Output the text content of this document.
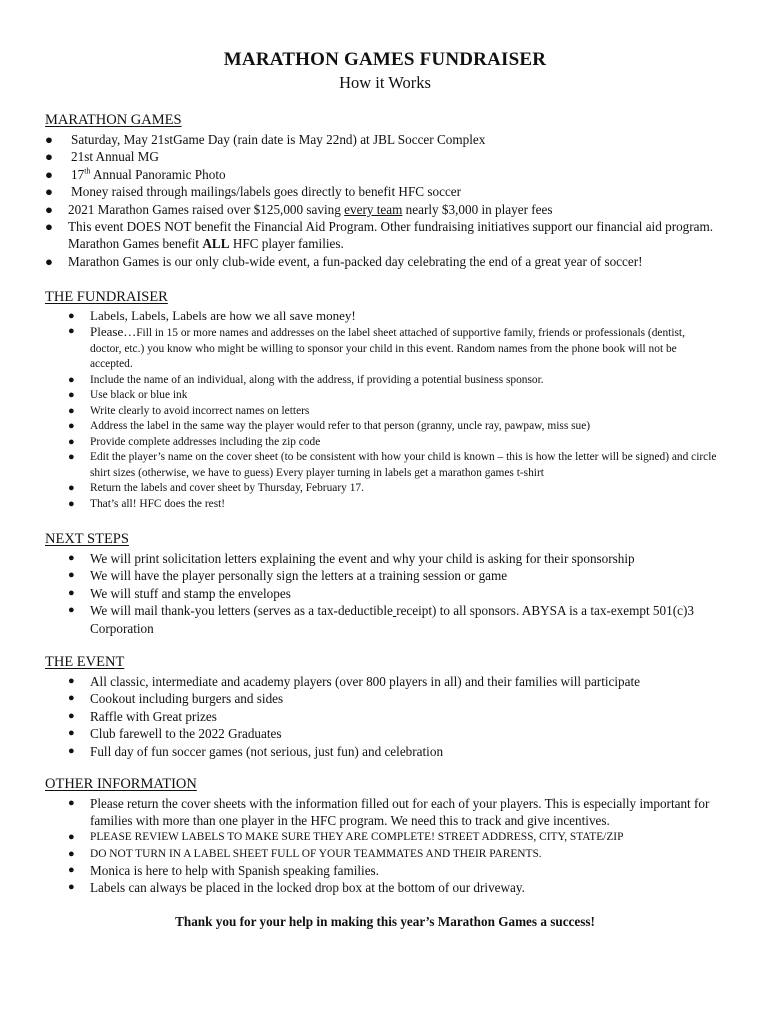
MARATHON GAMES FUNDRAISER
How it Works
MARATHON GAMES
● Saturday, May 21stGame Day (rain date is May 22nd) at JBL Soccer Complex
● 21st Annual MG
● 17th Annual Panoramic Photo
● Money raised through mailings/labels goes directly to benefit HFC soccer
● 2021 Marathon Games raised over $125,000 saving every team nearly $3,000 in player fees
● This event DOES NOT benefit the Financial Aid Program. Other fundraising initiatives support our financial aid program. Marathon Games benefit ALL HFC player families.
● Marathon Games is our only club-wide event, a fun-packed day celebrating the end of a great year of soccer!
THE FUNDRAISER
● Labels, Labels, Labels are how we all save money!
● Please…Fill in 15 or more names and addresses on the label sheet attached of supportive family, friends or professionals (dentist, doctor, etc.) you know who might be willing to sponsor your child in this event. Random names from the phone book will not be accepted.
● Include the name of an individual, along with the address, if providing a potential business sponsor.
● Use black or blue ink
● Write clearly to avoid incorrect names on letters
● Address the label in the same way the player would refer to that person (granny, uncle ray, pawpaw, miss sue)
● Provide complete addresses including the zip code
● Edit the player’s name on the cover sheet (to be consistent with how your child is known – this is how the letter will be signed) and circle shirt sizes (otherwise, we have to guess) Every player turning in labels get a marathon games t-shirt
● Return the labels and cover sheet by Thursday, February 17.
● That’s all! HFC does the rest!
NEXT STEPS
● We will print solicitation letters explaining the event and why your child is asking for their sponsorship
● We will have the player personally sign the letters at a training session or game
● We will stuff and stamp the envelopes
● We will mail thank-you letters (serves as a tax-deductible receipt) to all sponsors. ABYSA is a tax-exempt 501(c)3 Corporation
THE EVENT
● All classic, intermediate and academy players (over 800 players in all) and their families will participate
● Cookout including burgers and sides
● Raffle with Great prizes
● Club farewell to the 2022 Graduates
● Full day of fun soccer games (not serious, just fun) and celebration
OTHER INFORMATION
● Please return the cover sheets with the information filled out for each of your players. This is especially important for families with more than one player in the HFC program. We need this to track and give incentives.
● PLEASE REVIEW LABELS TO MAKE SURE THEY ARE COMPLETE! STREET ADDRESS, CITY, STATE/ZIP
● DO NOT TURN IN A LABEL SHEET FULL OF YOUR TEAMMATES AND THEIR PARENTS.
● Monica is here to help with Spanish speaking families.
● Labels can always be placed in the locked drop box at the bottom of our driveway.
Thank you for your help in making this year’s Marathon Games a success!
